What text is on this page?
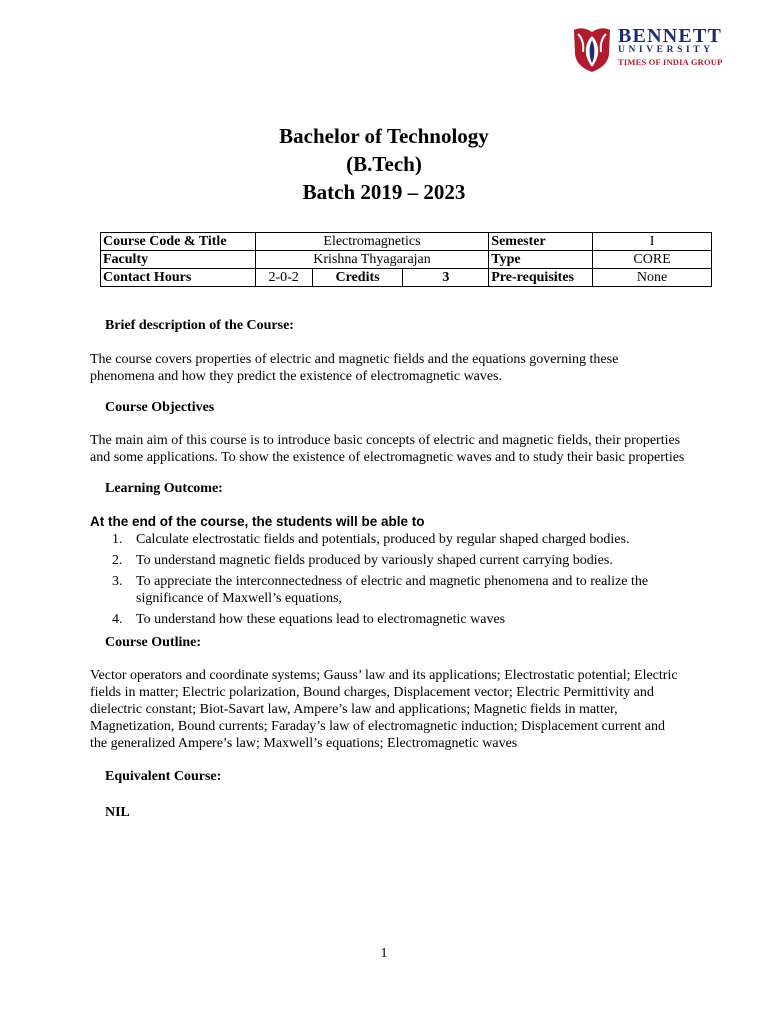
BENNETT
UNIVERSITY
TIMES OF INDIA GROUP
Bachelor of Technology
(B.Tech)
Batch 2019 – 2023
Course Code & Title	Electromagnetics			Semester	I
Faculty	Krishna Thyagarajan			Type	CORE
Contact Hours	2-0-2	Credits	3	Pre-requisites	None
Brief description of the Course:
The course covers properties of electric and magnetic fields and the equations governing these
phenomena and how they predict the existence of electromagnetic waves.
Course Objectives
The main aim of this course is to introduce basic concepts of electric and magnetic fields, their properties
and some applications. To show the existence of electromagnetic waves and to study their basic properties
Learning Outcome:
At the end of the course, the students will be able to
1. Calculate electrostatic fields and potentials, produced by regular shaped charged bodies.
2. To understand magnetic fields produced by variously shaped current carrying bodies.
3. To appreciate the interconnectedness of electric and magnetic phenomena and to realize the
significance of Maxwell’s equations,
4. To understand how these equations lead to electromagnetic waves
Course Outline:
Vector operators and coordinate systems; Gauss’ law and its applications; Electrostatic potential; Electric
fields in matter; Electric polarization, Bound charges, Displacement vector; Electric Permittivity and
dielectric constant; Biot-Savart law, Ampere’s law and applications; Magnetic fields in matter,
Magnetization, Bound currents; Faraday’s law of electromagnetic induction; Displacement current and
the generalized Ampere’s law; Maxwell’s equations; Electromagnetic waves
Equivalent Course:
NIL
1
